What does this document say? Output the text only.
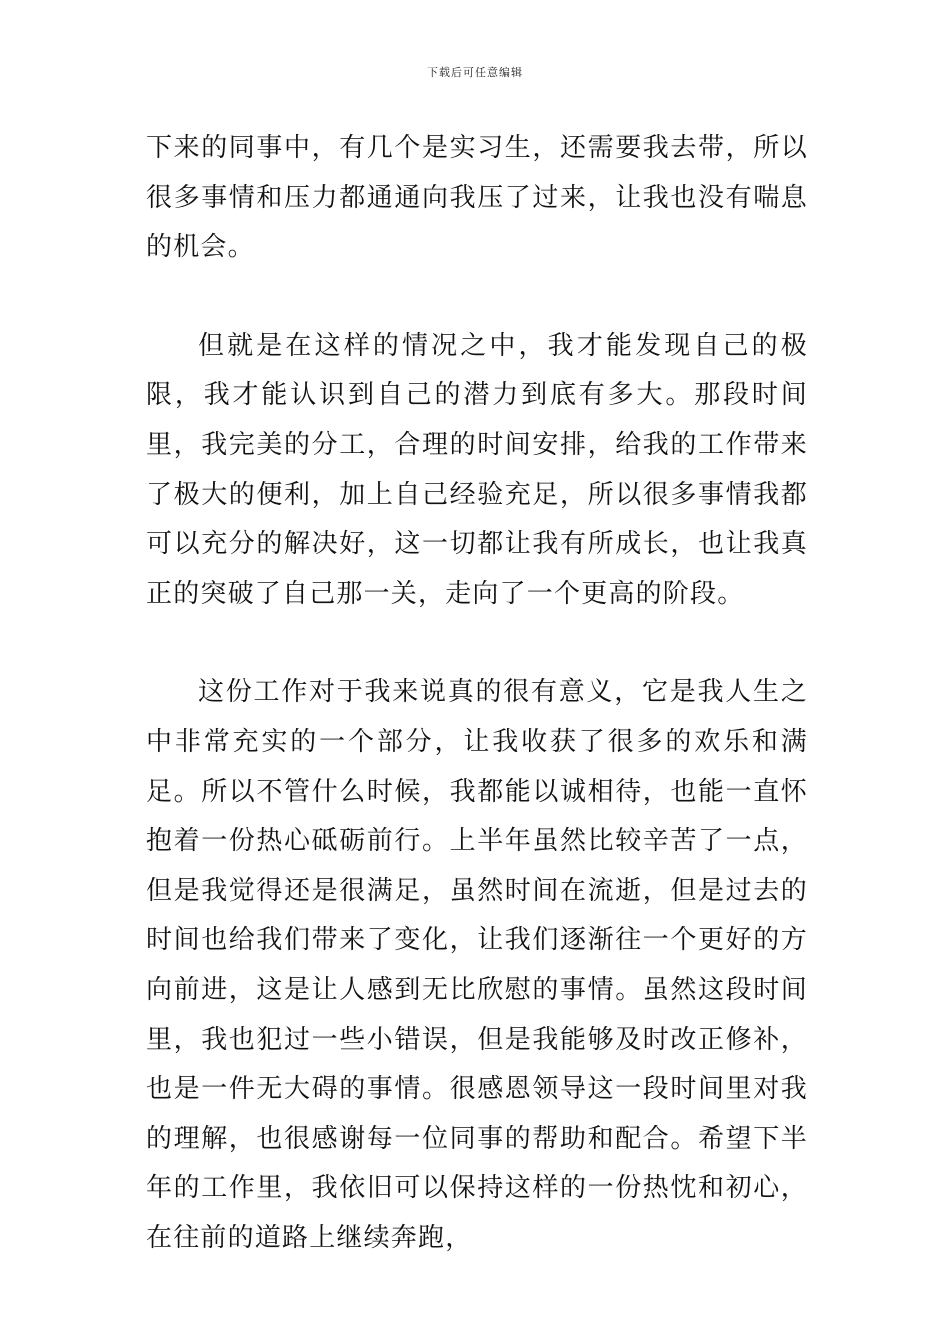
下载后可任意编辑

下来的同事中，有几个是实习生，还需要我去带，所以很多事情和压力都通通向我压了过来，让我也没有喘息的机会。

但就是在这样的情况之中，我才能发现自己的极限，我才能认识到自己的潜力到底有多大。那段时间里，我完美的分工，合理的时间安排，给我的工作带来了极大的便利，加上自己经验充足，所以很多事情我都可以充分的解决好，这一切都让我有所成长，也让我真正的突破了自己那一关，走向了一个更高的阶段。

这份工作对于我来说真的很有意义，它是我人生之中非常充实的一个部分，让我收获了很多的欢乐和满足。所以不管什么时候，我都能以诚相待，也能一直怀抱着一份热心砥砺前行。上半年虽然比较辛苦了一点，但是我觉得还是很满足，虽然时间在流逝，但是过去的时间也给我们带来了变化，让我们逐渐往一个更好的方向前进，这是让人感到无比欣慰的事情。虽然这段时间里，我也犯过一些小错误，但是我能够及时改正修补，也是一件无大碍的事情。很感恩领导这一段时间里对我的理解，也很感谢每一位同事的帮助和配合。希望下半年的工作里，我依旧可以保持这样的一份热忱和初心，在往前的道路上继续奔跑，
